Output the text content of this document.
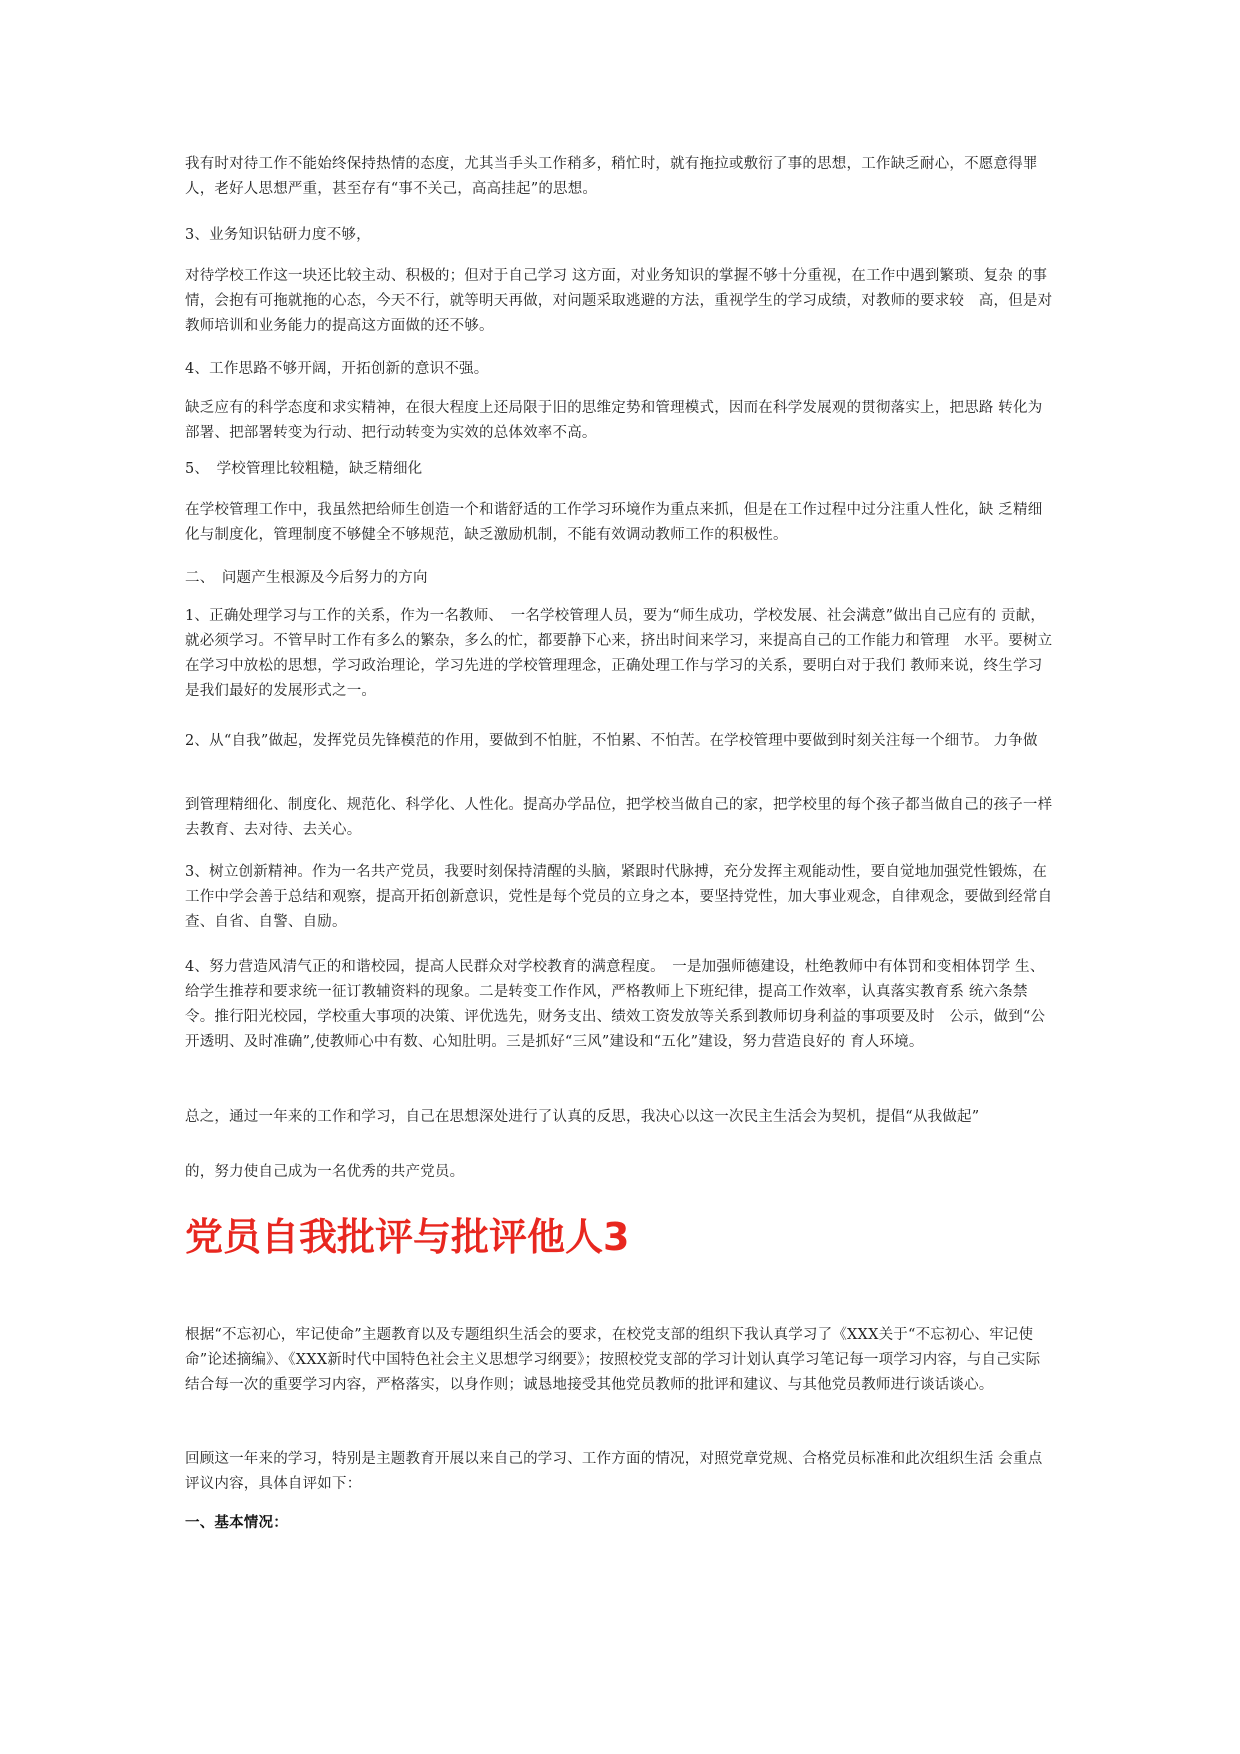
我有时对待工作不能始终保持热情的态度，尤其当手头工作稍多，稍忙时，就有拖拉或敷衍了事的思想，工作缺乏耐心，不愿意得罪人，老好人思想严重，甚至存有“事不关己，高高挂起”的思想。

3、业务知识钻研力度不够，

对待学校工作这一块还比较主动、积极的；但对于自己学习 这方面，对业务知识的掌握不够十分重视，在工作中遇到繁琐、复杂 的事情，会抱有可拖就拖的心态，今天不行，就等明天再做，对问题采取逃避的方法，重视学生的学习成绩，对教师的要求较　高，但是对教师培训和业务能力的提高这方面做的还不够。

4、工作思路不够开阔，开拓创新的意识不强。

缺乏应有的科学态度和求实精神，在很大程度上还局限于旧的思维定势和管理模式，因而在科学发展观的贯彻落实上，把思路 转化为部署、把部署转变为行动、把行动转变为实效的总体效率不高。

5、　学校管理比较粗糙，缺乏精细化

在学校管理工作中，我虽然把给师生创造一个和谐舒适的工作学习环境作为重点来抓，但是在工作过程中过分注重人性化，缺 乏精细化与制度化，管理制度不够健全不够规范，缺乏激励机制，不能有效调动教师工作的积极性。

二、　问题产生根源及今后努力的方向

1、正确处理学习与工作的关系，作为一名教师、　一名学校管理人员，要为“师生成功，学校发展、社会满意”做出自己应有的 贡献，就必须学习。不管早时工作有多么的繁杂，多么的忙，都要静下心来，挤出时间来学习，来提高自己的工作能力和管理　水平。要树立在学习中放松的思想，学习政治理论，学习先进的学校管理理念，正确处理工作与学习的关系，要明白对于我们 教师来说，终生学习是我们最好的发展形式之一。

2、从“自我”做起，发挥党员先锋模范的作用，要做到不怕脏，不怕累、不怕苦。在学校管理中要做到时刻关注每一个细节。 力争做

到管理精细化、制度化、规范化、科学化、人性化。提高办学品位，把学校当做自己的家，把学校里的每个孩子都当做自己的孩子一样去教育、去对待、去关心。

3、树立创新精神。作为一名共产党员，我要时刻保持清醒的头脑，紧跟时代脉搏，充分发挥主观能动性，要自觉地加强党性锻炼，在工作中学会善于总结和观察，提高开拓创新意识，党性是每个党员的立身之本，要坚持党性，加大事业观念，自律观念，要做到经常自查、自省、自警、自励。

4、努力营造风清气正的和谐校园，提高人民群众对学校教育的满意程度。　一是加强师德建设，杜绝教师中有体罚和变相体罚学 生、给学生推荐和要求统一征订教辅资料的现象。二是转变工作作风，严格教师上下班纪律，提高工作效率，认真落实教育系 统六条禁令。推行阳光校园，学校重大事项的决策、评优选先，财务支出、绩效工资发放等关系到教师切身利益的事项要及时　公示，做到“公开透明、及时准确”,使教师心中有数、心知肚明。三是抓好“三风”建设和“五化”建设，努力营造良好的 育人环境。

总之，通过一年来的工作和学习，自己在思想深处进行了认真的反思，我决心以这一次民主生活会为契机，提倡“从我做起”

的，努力使自己成为一名优秀的共产党员。

党员自我批评与批评他人3

根据“不忘初心，牢记使命”主题教育以及专题组织生活会的要求，在校党支部的组织下我认真学习了《XXX关于“不忘初心、牢记使命”论述摘编》、《XXX新时代中国特色社会主义思想学习纲要》；按照校党支部的学习计划认真学习笔记每一项学习内容，与自己实际结合每一次的重要学习内容，严格落实，以身作则；诚恳地接受其他党员教师的批评和建议、与其他党员教师进行谈话谈心。

回顾这一年来的学习，特别是主题教育开展以来自己的学习、工作方面的情况，对照党章党规、合格党员标准和此次组织生活 会重点评议内容，具体自评如下：

一、基本情况：
